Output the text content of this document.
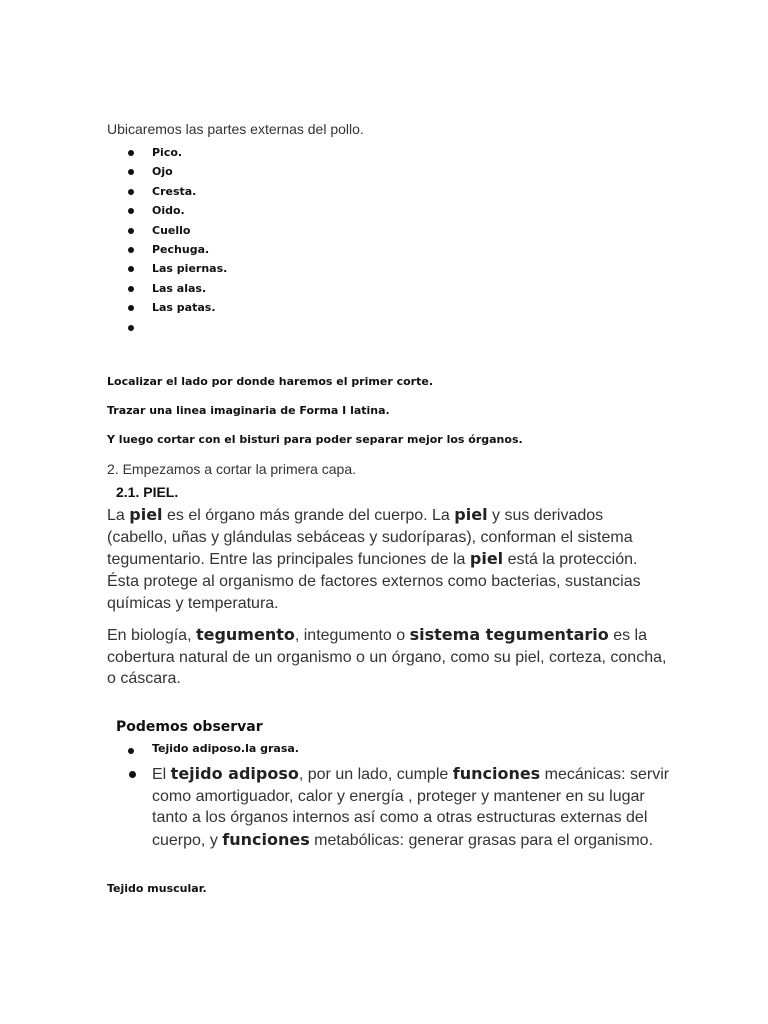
Ubicaremos las partes externas del pollo.

Pico.
Ojo
Cresta.
Oido.
Cuello
Pechuga.
Las piernas.
Las alas.
Las patas.

Localizar el lado por donde haremos el primer corte.

Trazar una linea imaginaria de Forma I latina.

Y luego cortar con el bisturi para poder separar mejor los órganos.

2. Empezamos a cortar la primera capa.

2.1. PIEL.

La piel es el órgano más grande del cuerpo. La piel y sus derivados (cabello, uñas y glándulas sebáceas y sudoríparas), conforman el sistema tegumentario. Entre las principales funciones de la piel está la protección. Ésta protege al organismo de factores externos como bacterias, sustancias químicas y temperatura.

En biología, tegumento, integumento o sistema tegumentario es la cobertura natural de un organismo o un órgano, como su piel, corteza, concha, o cáscara.

Podemos observar

Tejido adiposo.la grasa.

El tejido adiposo, por un lado, cumple funciones mecánicas: servir como amortiguador, calor y energía , proteger y mantener en su lugar tanto a los órganos internos así como a otras estructuras externas del cuerpo, y funciones metabólicas: generar grasas para el organismo.

Tejido muscular.
